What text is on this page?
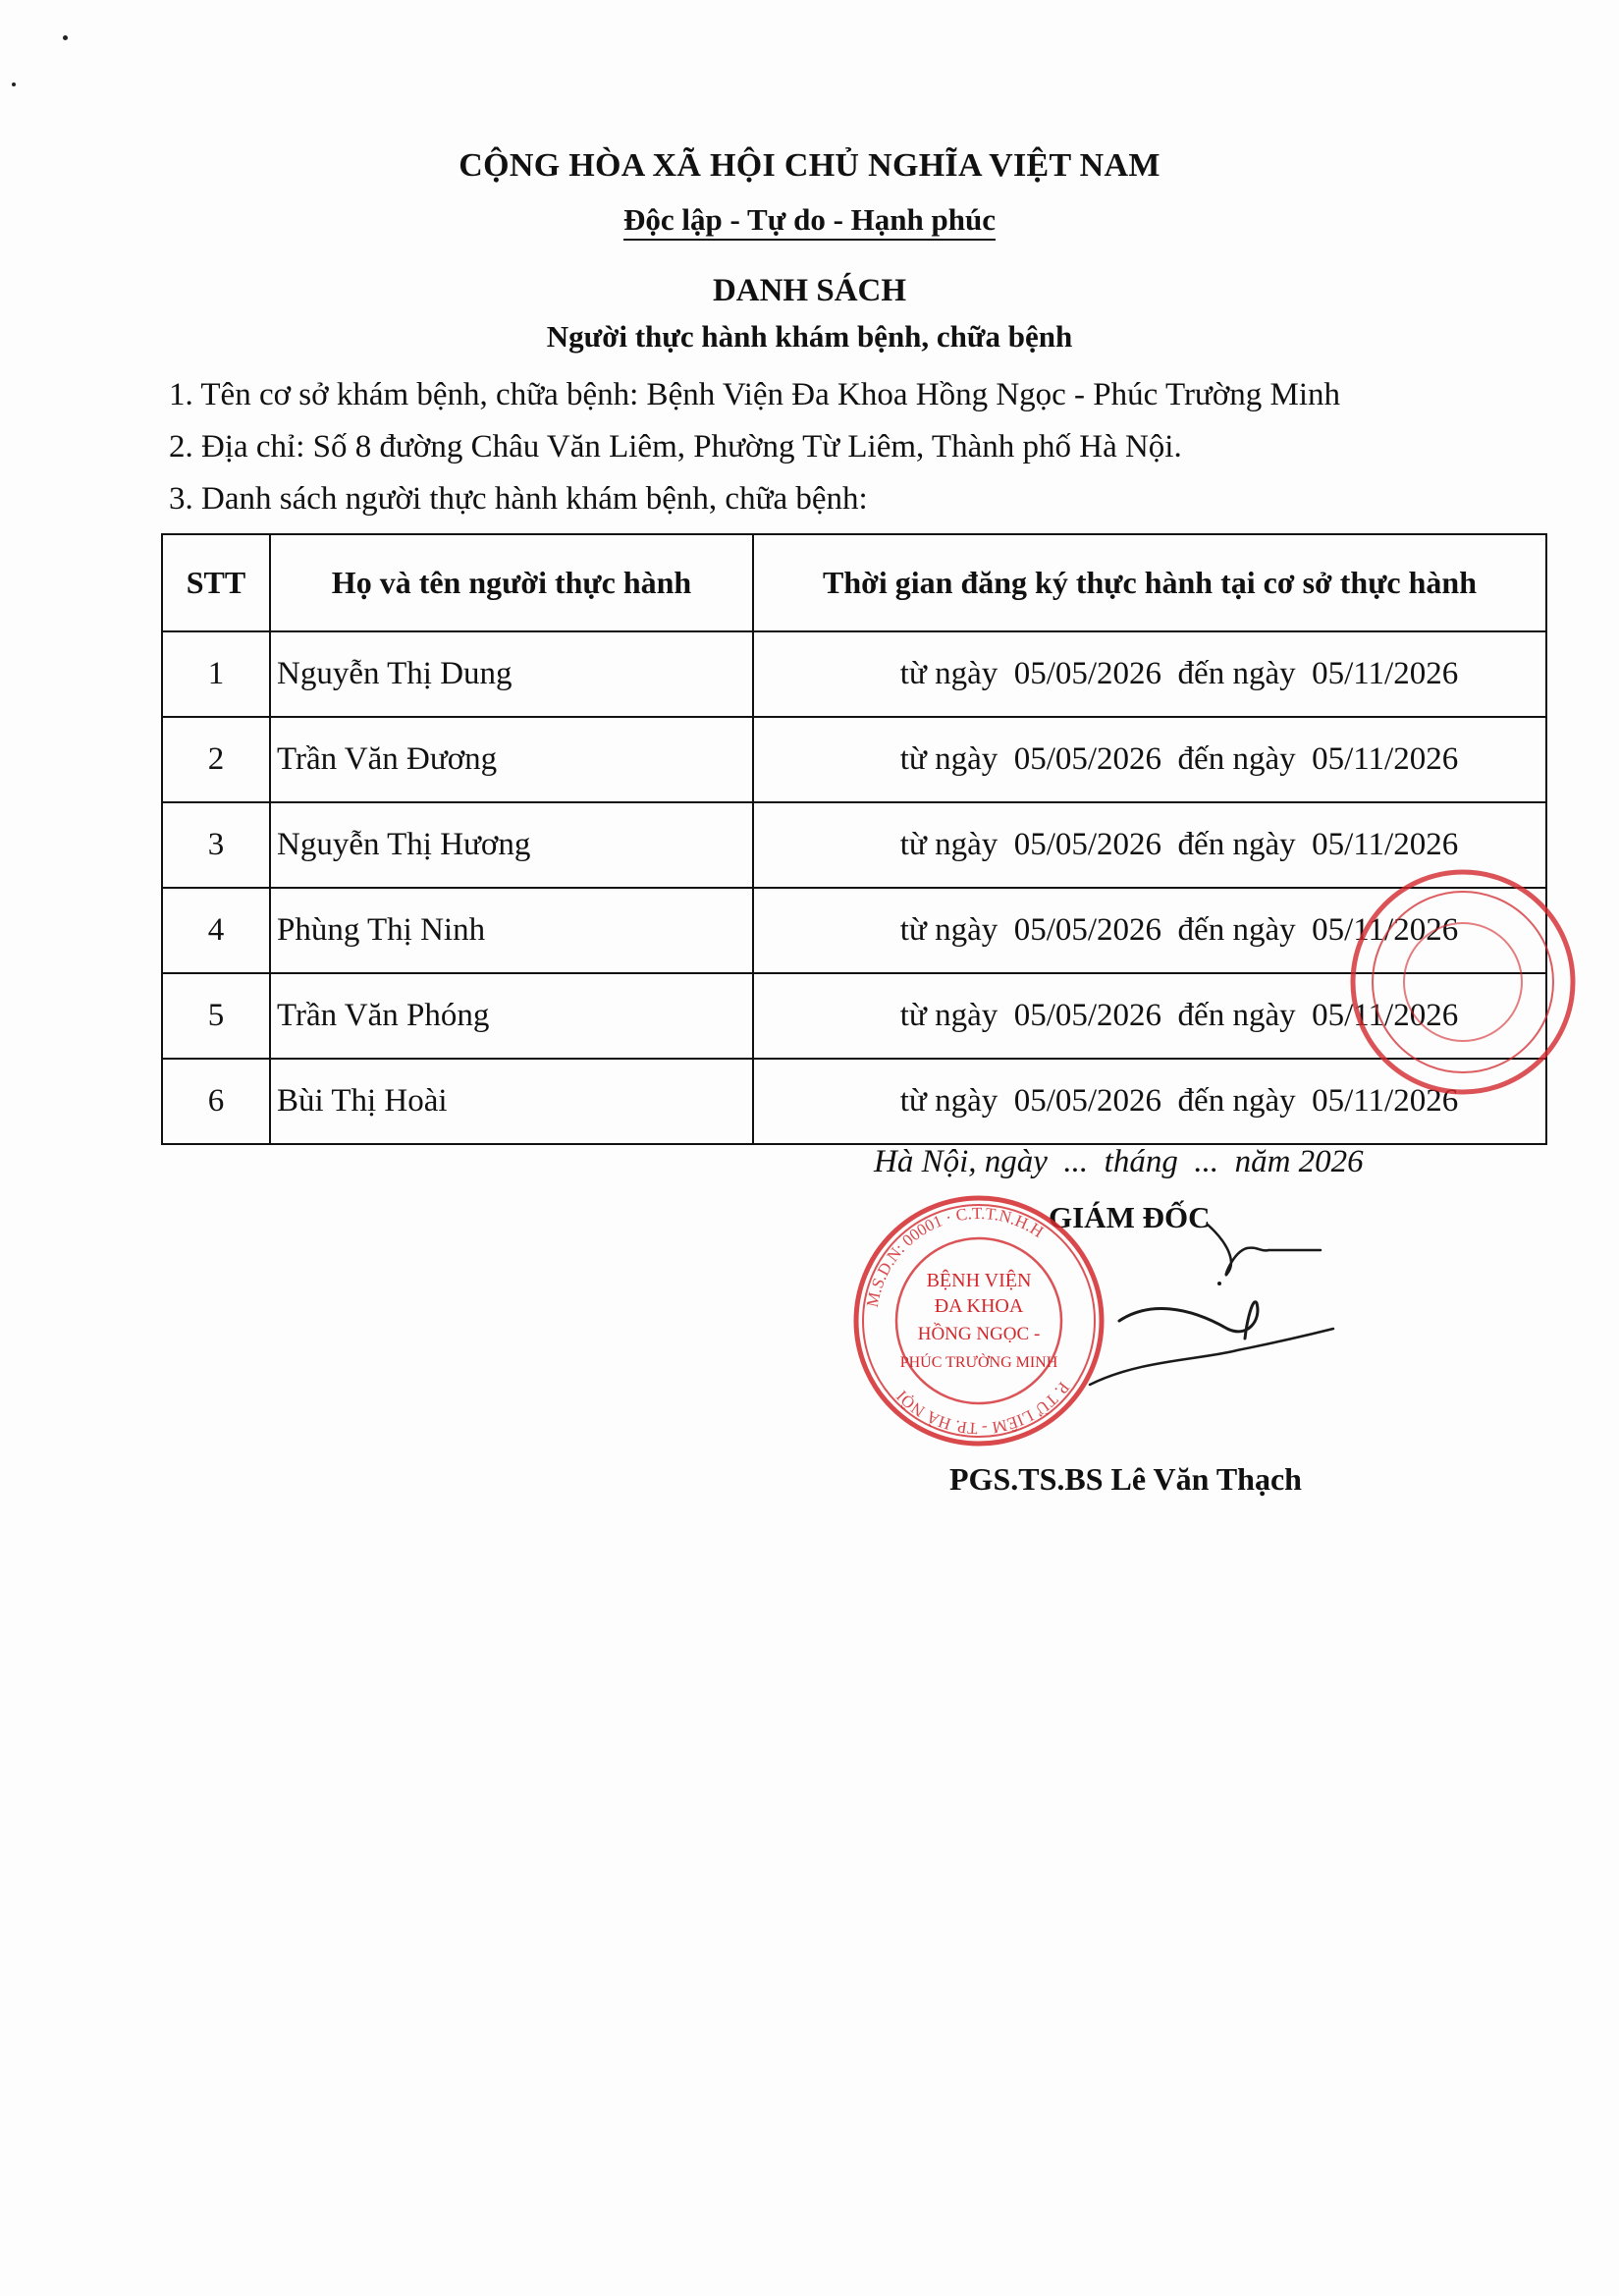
CỘNG HÒA XÃ HỘI CHỦ NGHĨA VIỆT NAM
Độc lập - Tự do - Hạnh phúc
DANH SÁCH
Người thực hành khám bệnh, chữa bệnh
1. Tên cơ sở khám bệnh, chữa bệnh: Bệnh Viện Đa Khoa Hồng Ngọc - Phúc Trường Minh
2. Địa chỉ: Số 8 đường Châu Văn Liêm, Phường Từ Liêm, Thành phố Hà Nội.
3. Danh sách người thực hành khám bệnh, chữa bệnh:
STT	Họ và tên người thực hành	Thời gian đăng ký thực hành tại cơ sở thực hành
1	Nguyễn Thị Dung	từ ngày  05/05/2026  đến ngày  05/11/2026
2	Trần Văn Đương	từ ngày  05/05/2026  đến ngày  05/11/2026
3	Nguyễn Thị Hương	từ ngày  05/05/2026  đến ngày  05/11/2026
4	Phùng Thị Ninh	từ ngày  05/05/2026  đến ngày  05/11/2026
5	Trần Văn Phóng	từ ngày  05/05/2026  đến ngày  05/11/2026
6	Bùi Thị Hoài	từ ngày  05/05/2026  đến ngày  05/11/2026
Hà Nội, ngày  ...  tháng  ...  năm 2026
GIÁM ĐỐC
M.S.D.N: 00001 · C.T.T.N.H.H
P. TỪ LIÊM - TP. HÀ NỘI
BỆNH VIỆN
ĐA KHOA
HỒNG NGỌC -
PHÚC TRƯỜNG MINH
PGS.TS.BS Lê Văn Thạch
